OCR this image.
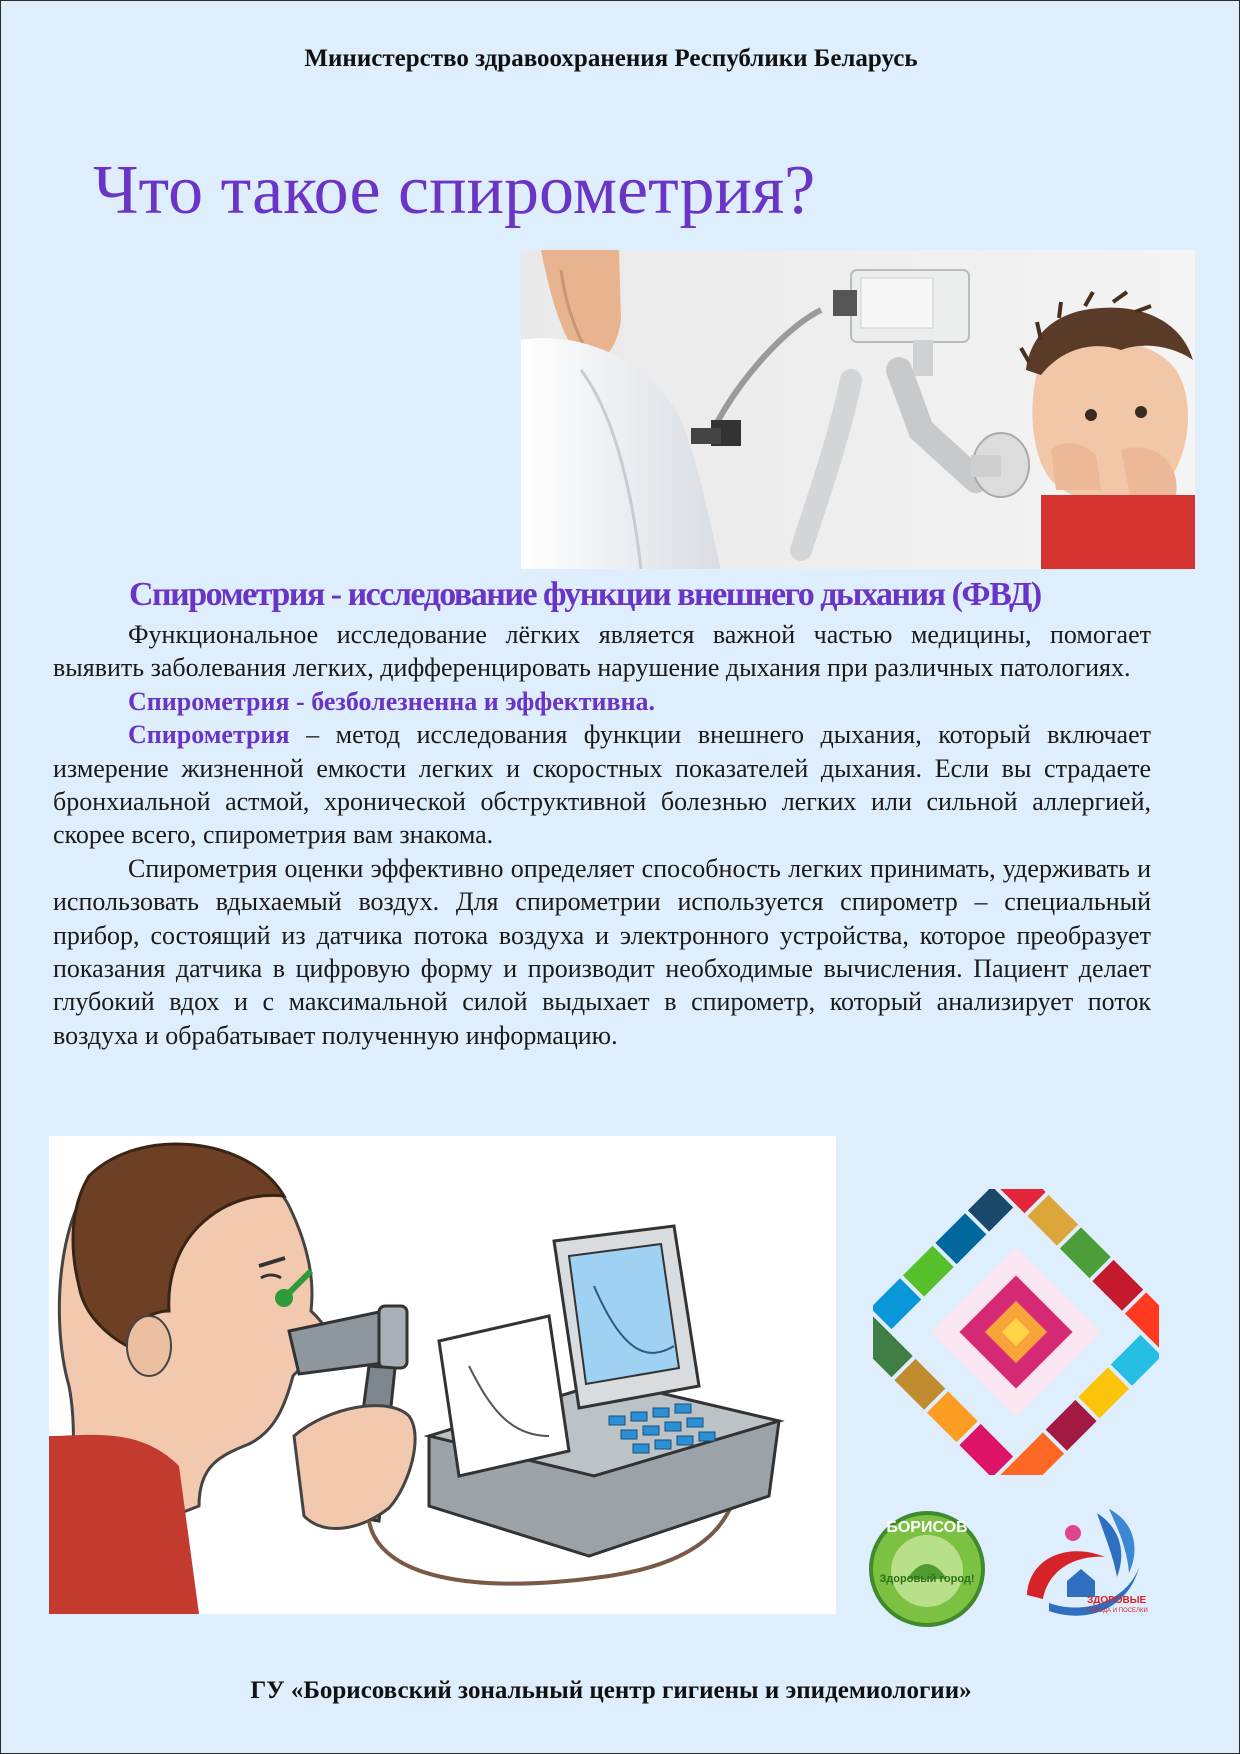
Министерство здравоохранения Республики Беларусь
Что такое спирометрия?
Спирометрия - исследование функции внешнего дыхания (ФВД)

Функциональное исследование лёгких является важной частью медицины, помогает выявить заболевания легких, дифференцировать нарушение дыхания при различных патологиях.

Спирометрия - безболезненна и эффективна.

Спирометрия – метод исследования функции внешнего дыхания, который включает измерение жизненной емкости легких и скоростных показателей дыхания. Если вы страдаете бронхиальной астмой, хронической обструктивной болезнью легких или сильной аллергией, скорее всего, спирометрия вам знакома.

Спирометрия оценки эффективно определяет способность легких принимать, удерживать и использовать вдыхаемый воздух. Для спирометрии используется спирометр – специальный прибор, состоящий из датчика потока воздуха и электронного устройства, которое преобразует показания датчика в цифровую форму и производит необходимые вычисления. Пациент делает глубокий вдох и с максимальной силой выдыхает в спирометр, который анализирует поток воздуха и обрабатывает полученную информацию.

БОРИСОВ
Здоровый город!
ЗДОРОВЫЕ
ГОРОДА И ПОСЕЛКИ
ГУ «Борисовский зональный центр гигиены и эпидемиологии»
